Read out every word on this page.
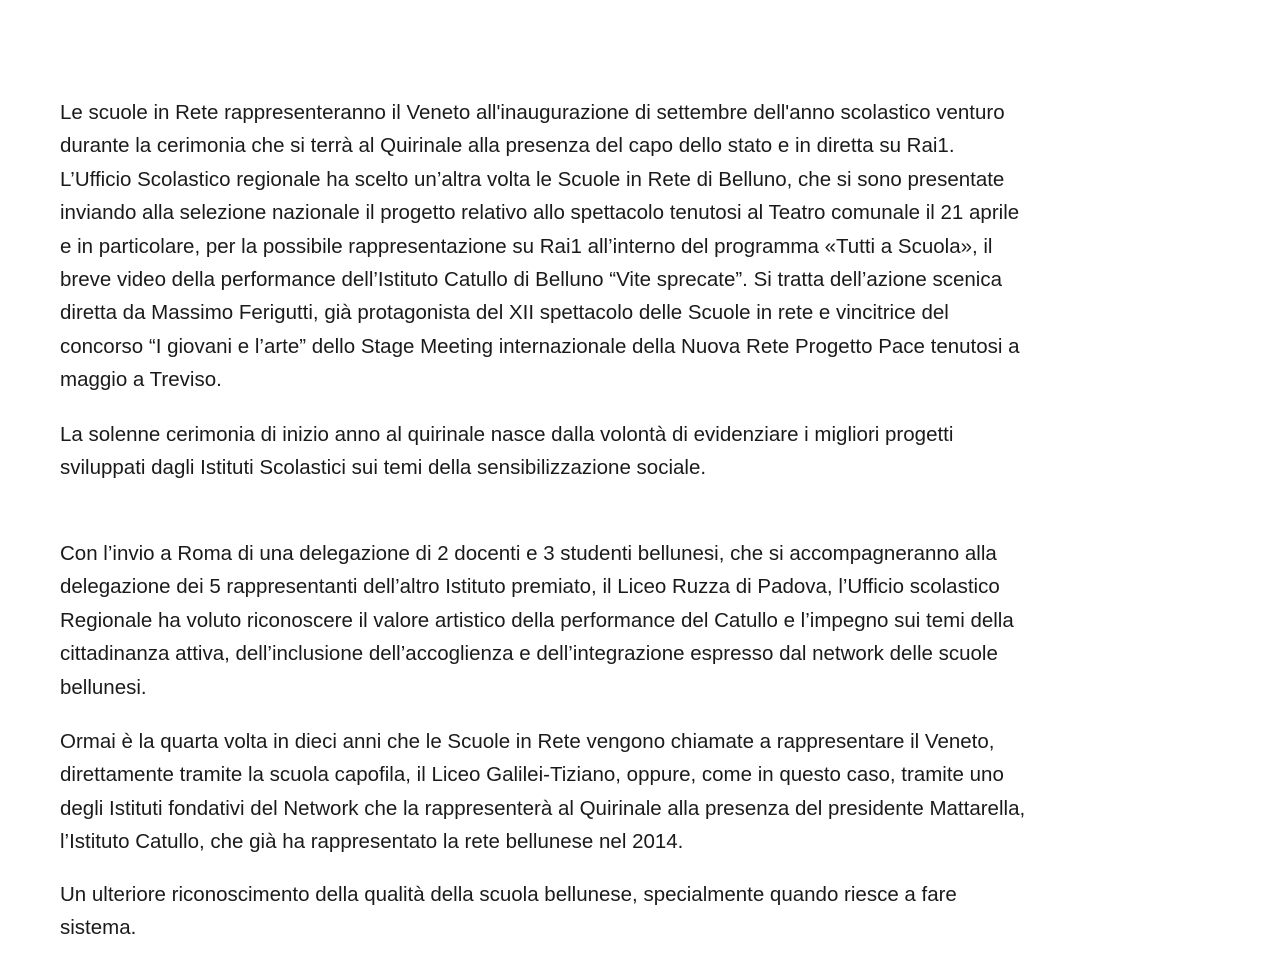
Le scuole in Rete rappresenteranno il Veneto all'inaugurazione di settembre dell'anno scolastico venturo
durante la cerimonia che si terrà al Quirinale alla presenza del capo dello stato e in diretta su Rai1.
L’Ufficio Scolastico regionale ha scelto un’altra volta le Scuole in Rete di Belluno, che si sono presentate
inviando alla selezione nazionale il progetto relativo allo spettacolo tenutosi al Teatro comunale il 21 aprile
e in particolare, per la possibile rappresentazione su Rai1 all’interno del programma «Tutti a Scuola», il
breve video della performance dell’Istituto Catullo di Belluno “Vite sprecate”. Si tratta dell’azione scenica
diretta da Massimo Ferigutti, già protagonista del XII spettacolo delle Scuole in rete e vincitrice del
concorso “I giovani e l’arte” dello Stage Meeting internazionale della Nuova Rete Progetto Pace tenutosi a
maggio a Treviso.

La solenne cerimonia di inizio anno al quirinale nasce dalla volontà di evidenziare i migliori progetti
sviluppati dagli Istituti Scolastici sui temi della sensibilizzazione sociale.

Con l’invio a Roma di una delegazione di 2 docenti e 3 studenti bellunesi, che si accompagneranno alla
delegazione dei 5 rappresentanti dell’altro Istituto premiato, il Liceo Ruzza di Padova, l’Ufficio scolastico
Regionale ha voluto riconoscere il valore artistico della performance del Catullo e l’impegno sui temi della
cittadinanza attiva, dell’inclusione dell’accoglienza e dell’integrazione espresso dal network delle scuole
bellunesi.

Ormai è la quarta volta in dieci anni che le Scuole in Rete vengono chiamate a rappresentare il Veneto,
direttamente tramite la scuola capofila, il Liceo Galilei-Tiziano, oppure, come in questo caso, tramite uno
degli Istituti fondativi del Network che la rappresenterà al Quirinale alla presenza del presidente Mattarella,
l’Istituto Catullo, che già ha rappresentato la rete bellunese nel 2014.

Un ulteriore riconoscimento della qualità della scuola bellunese, specialmente quando riesce a fare
sistema.
